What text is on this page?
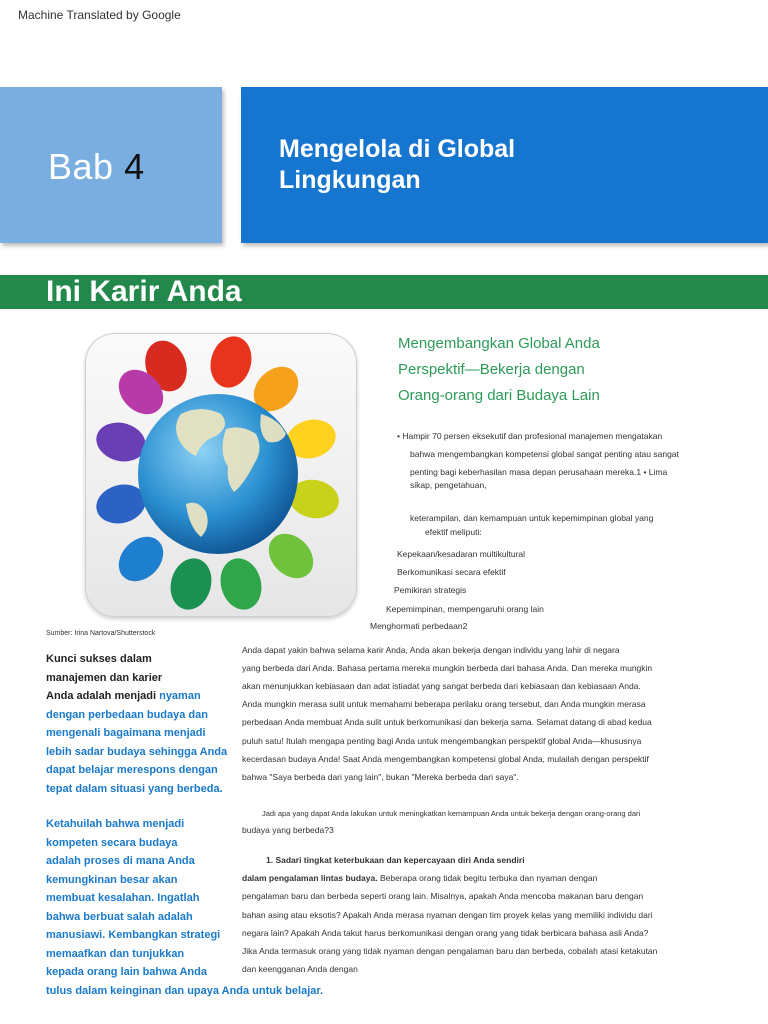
Machine Translated by Google
Bab 4	Mengelola di Global
Lingkungan
Ini Karir Anda
Sumber: Irina Nartova/Shutterstock
Mengembangkan Global Anda
Perspektif—Bekerja dengan
Orang-orang dari Budaya Lain
• Hampir 70 persen eksekutif dan profesional manajemen mengatakan
bahwa mengembangkan kompetensi global sangat penting atau sangat
penting bagi keberhasilan masa depan perusahaan mereka.1 • Lima
sikap, pengetahuan,
keterampilan, dan kemampuan untuk kepemimpinan global yang
efektif meliputi:
Kepekaan/kesadaran multikultural
Berkomunikasi secara efektif
Pemikiran strategis
Kepemimpinan, mempengaruhi orang lain
Menghormati perbedaan2
Kunci sukses dalam
manajemen dan karier
Anda adalah menjadi nyaman
dengan perbedaan budaya dan
mengenali bagaimana menjadi
lebih sadar budaya sehingga Anda
dapat belajar merespons dengan
tepat dalam situasi yang berbeda.
Ketahuilah bahwa menjadi
kompeten secara budaya
adalah proses di mana Anda
kemungkinan besar akan
membuat kesalahan. Ingatlah
bahwa berbuat salah adalah
manusiawi. Kembangkan strategi
memaafkan dan tunjukkan
kepada orang lain bahwa Anda
tulus dalam keinginan dan upaya Anda untuk belajar.
Anda dapat yakin bahwa selama karir Anda, Anda akan bekerja dengan individu yang lahir di negara
yang berbeda dari Anda. Bahasa pertama mereka mungkin berbeda dari bahasa Anda. Dan mereka mungkin
akan menunjukkan kebiasaan dan adat istiadat yang sangat berbeda dari kebiasaan dan kebiasaan Anda.
Anda mungkin merasa sulit untuk memahami beberapa perilaku orang tersebut, dan Anda mungkin merasa
perbedaan Anda membuat Anda sulit untuk berkomunikasi dan bekerja sama. Selamat datang di abad kedua
puluh satu! Itulah mengapa penting bagi Anda untuk mengembangkan perspektif global Anda—khususnya
kecerdasan budaya Anda! Saat Anda mengembangkan kompetensi global Anda, mulailah dengan perspektif
bahwa "Saya berbeda dari yang lain", bukan "Mereka berbeda dari saya".
Jadi apa yang dapat Anda lakukan untuk meningkatkan kemampuan Anda untuk bekerja dengan orang-orang dari
budaya yang berbeda?3
1. Sadari tingkat keterbukaan dan kepercayaan diri Anda sendiri
dalam pengalaman lintas budaya. Beberapa orang tidak begitu terbuka dan nyaman dengan
pengalaman baru dan berbeda seperti orang lain. Misalnya, apakah Anda mencoba makanan baru dengan
bahan asing atau eksotis? Apakah Anda merasa nyaman dengan tim proyek kelas yang memiliki individu dari
negara lain? Apakah Anda takut harus berkomunikasi dengan orang yang tidak berbicara bahasa asli Anda?
Jika Anda termasuk orang yang tidak nyaman dengan pengalaman baru dan berbeda, cobalah atasi ketakutan
dan keengganan Anda dengan
